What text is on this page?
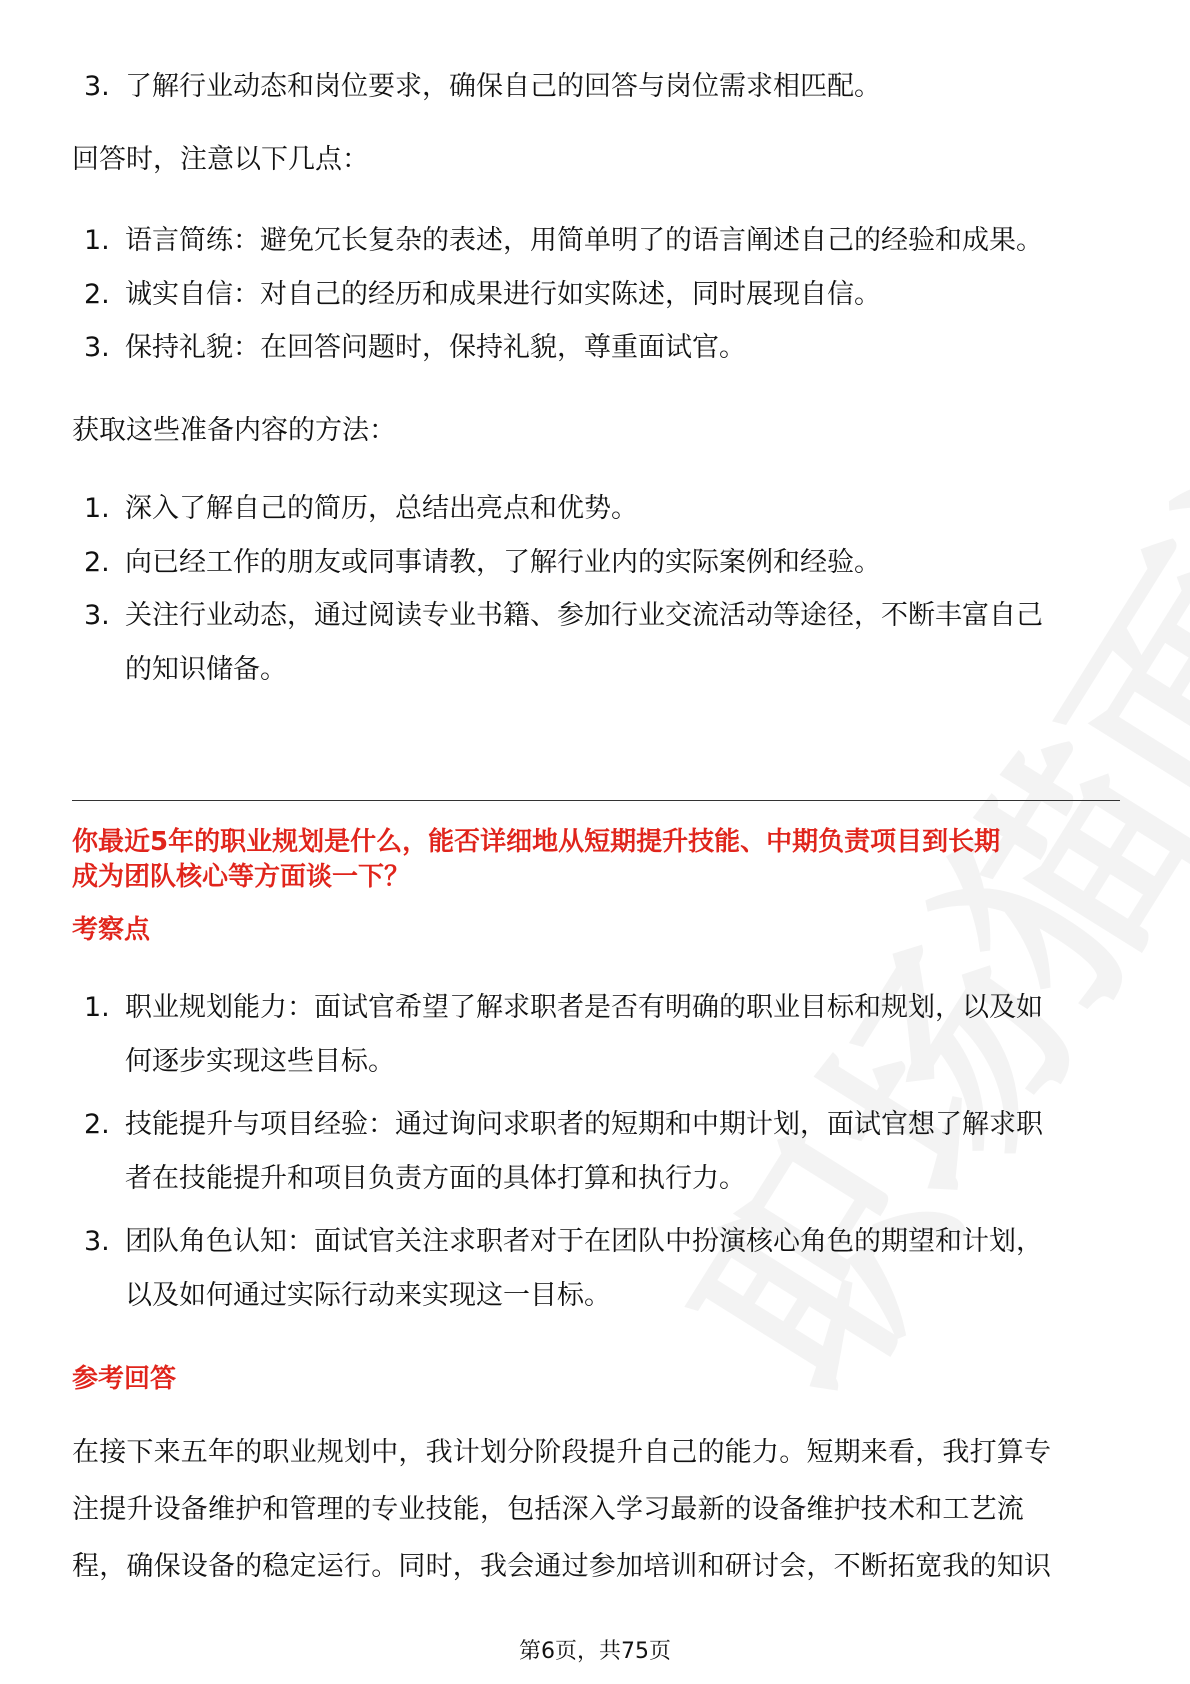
3. 了解行业动态和岗位要求，确保自己的回答与岗位需求相匹配。
回答时，注意以下几点：
1. 语言简练：避免冗长复杂的表述，用简单明了的语言阐述自己的经验和成果。
2. 诚实自信：对自己的经历和成果进行如实陈述，同时展现自信。
3. 保持礼貌：在回答问题时，保持礼貌，尊重面试官。
获取这些准备内容的方法：
1. 深入了解自己的简历，总结出亮点和优势。
2. 向已经工作的朋友或同事请教，了解行业内的实际案例和经验。
3. 关注行业动态，通过阅读专业书籍、参加行业交流活动等途径，不断丰富自己
的知识储备。
你最近5年的职业规划是什么，能否详细地从短期提升技能、中期负责项目到长期
成为团队核心等方面谈一下？
考察点
1. 职业规划能力：面试官希望了解求职者是否有明确的职业目标和规划，以及如
何逐步实现这些目标。
2. 技能提升与项目经验：通过询问求职者的短期和中期计划，面试官想了解求职
者在技能提升和项目负责方面的具体打算和执行力。
3. 团队角色认知：面试官关注求职者对于在团队中扮演核心角色的期望和计划，
以及如何通过实际行动来实现这一目标。
参考回答
在接下来五年的职业规划中，我计划分阶段提升自己的能力。短期来看，我打算专
注提升设备维护和管理的专业技能，包括深入学习最新的设备维护技术和工艺流
程，确保设备的稳定运行。同时，我会通过参加培训和研讨会，不断拓宽我的知识
第6页，共75页
